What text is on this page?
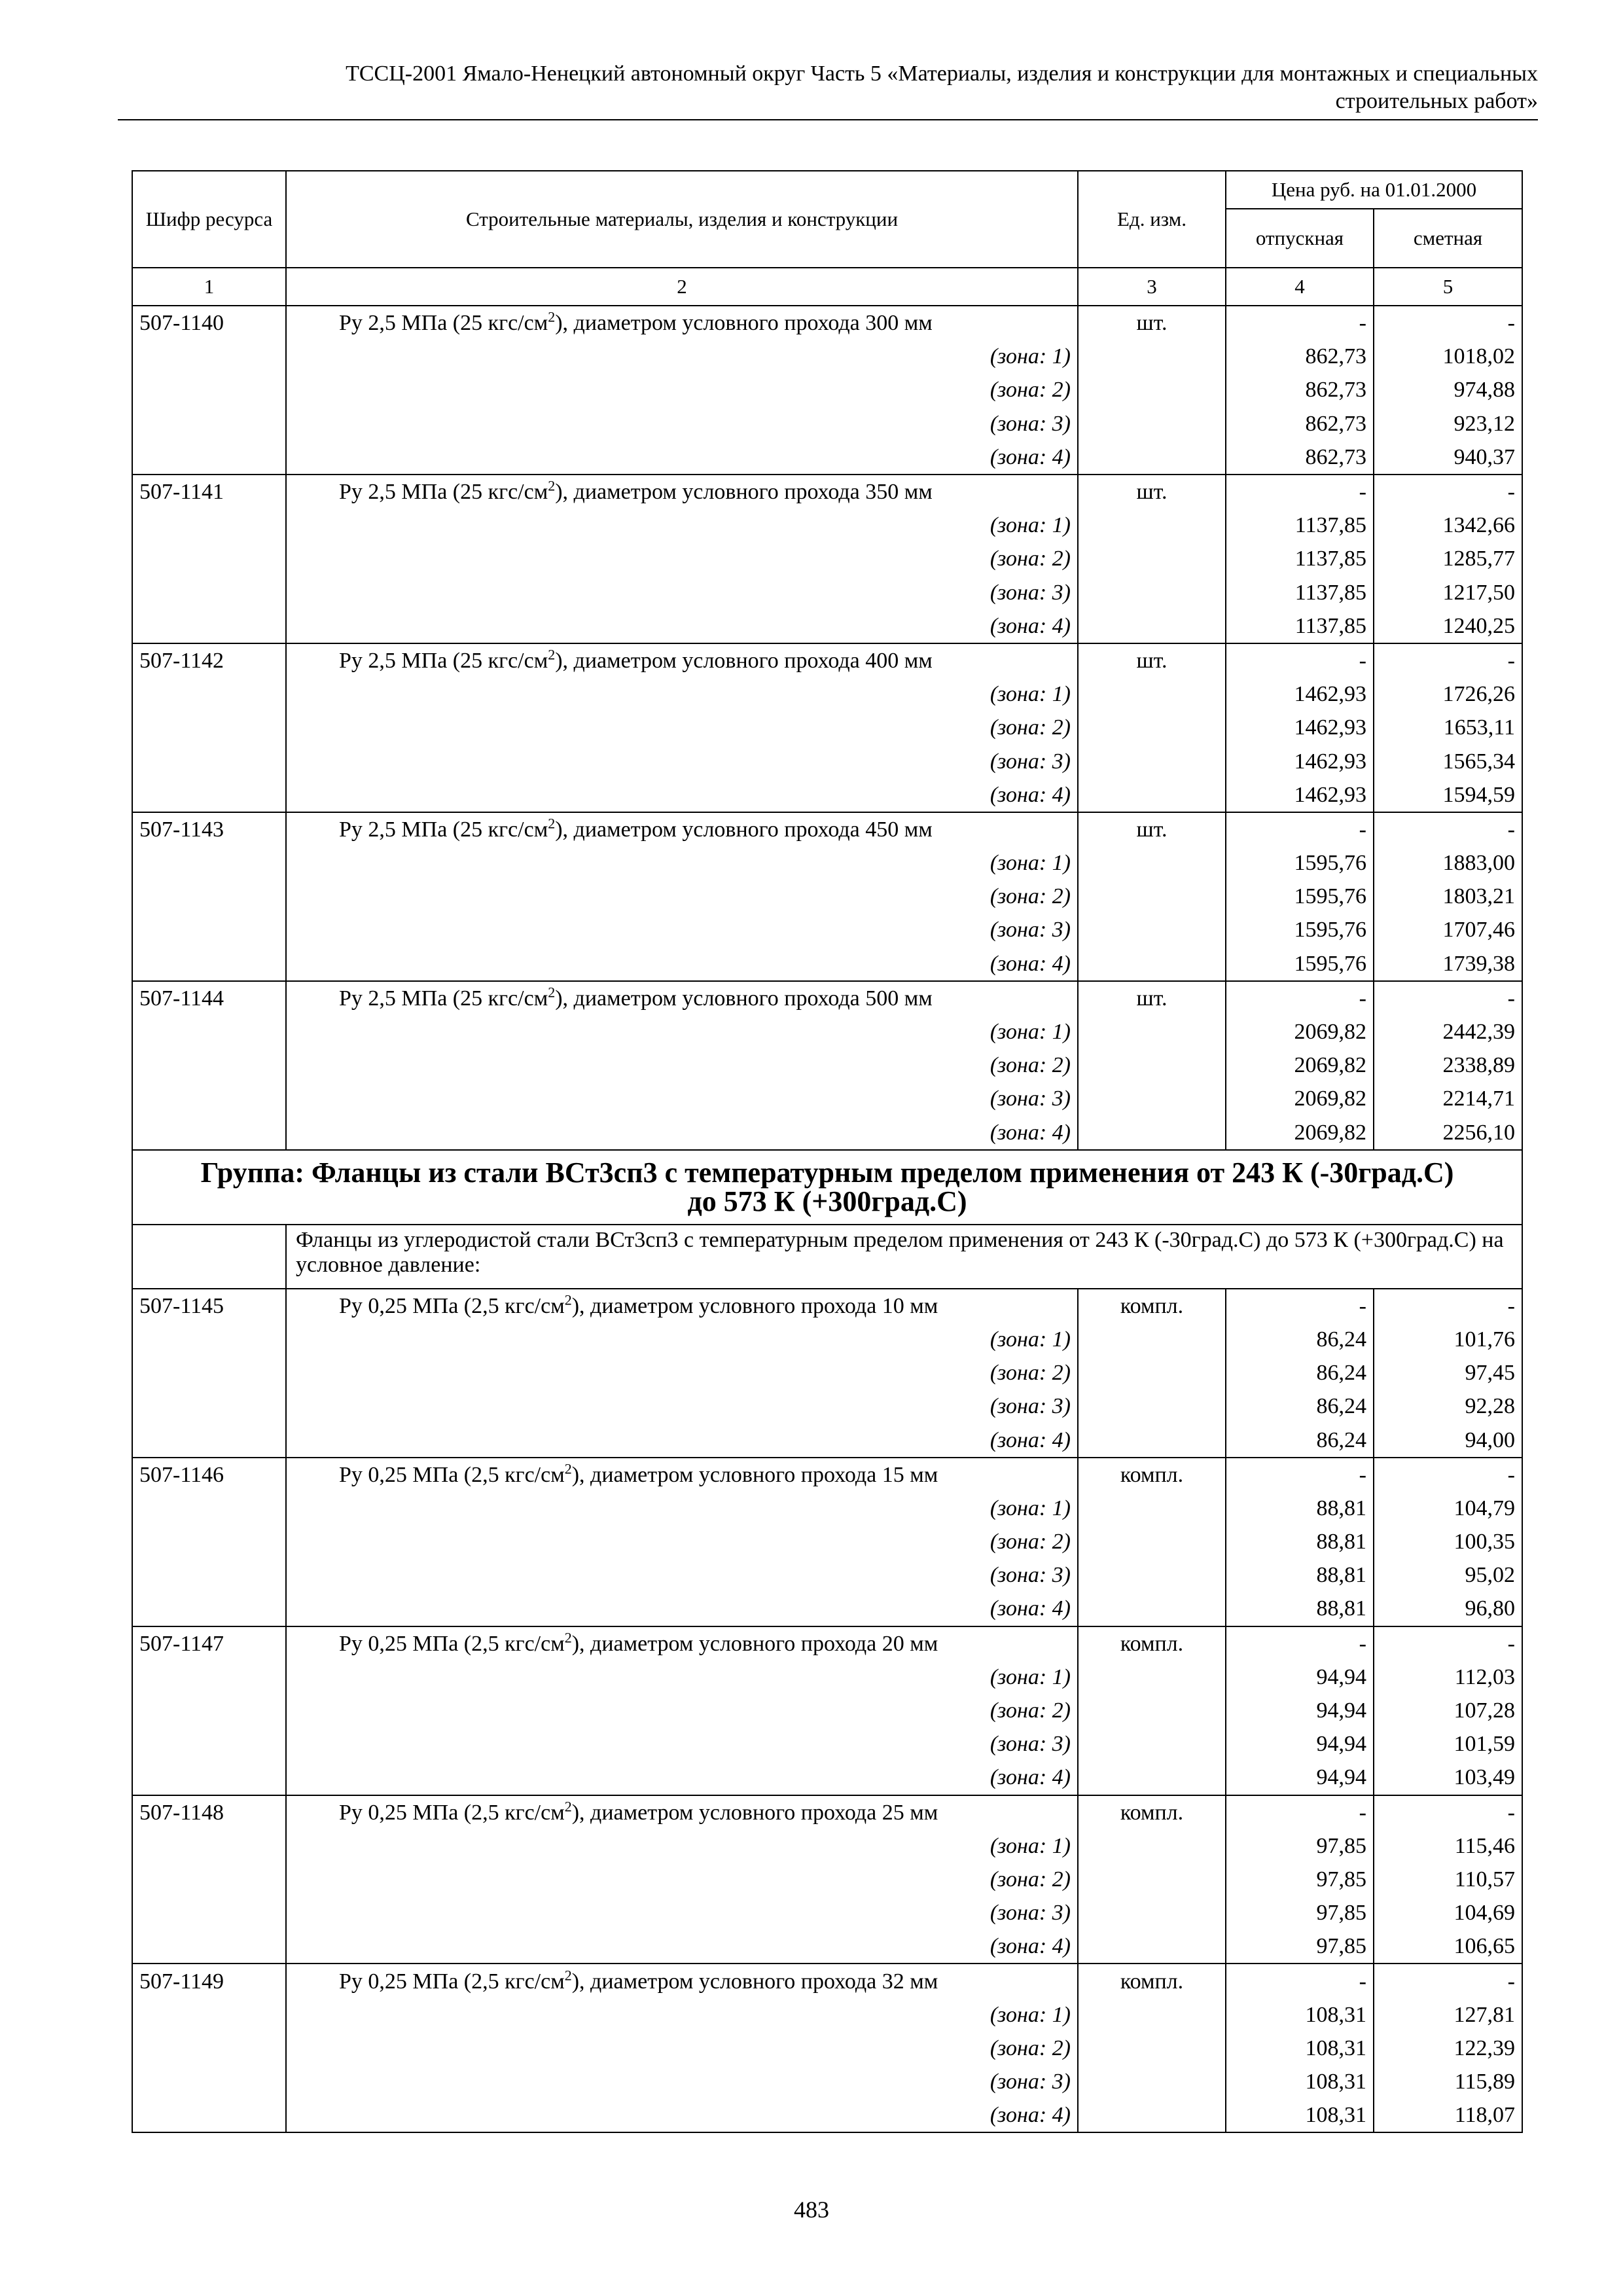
ТССЦ-2001 Ямало-Ненецкий автономный округ Часть 5 «Материалы, изделия и конструкции для монтажных и специальных
строительных работ»
Шифр ресурса	Строительные материалы, изделия и конструкции	Ед. изм.	Цена руб. на 01.01.2000	
			отпускная	сметная
1	2	3	4	5
507-1140	Ру 2,5 МПа (25 кгс/$см^2$), диаметром условного прохода 300 мм	шт.	-	-
	(зона: 1)		862,73	1018,02
	(зона: 2)		862,73	974,88
	(зона: 3)		862,73	923,12
	(зона: 4)		862,73	940,37
507-1141	Ру 2,5 МПа (25 кгс/$см^2$), диаметром условного прохода 350 мм	шт.	-	-
	(зона: 1)		1137,85	1342,66
	(зона: 2)		1137,85	1285,77
	(зона: 3)		1137,85	1217,50
	(зона: 4)		1137,85	1240,25
507-1142	Ру 2,5 МПа (25 кгс/$см^2$), диаметром условного прохода 400 мм	шт.	-	-
	(зона: 1)		1462,93	1726,26
	(зона: 2)		1462,93	1653,11
	(зона: 3)		1462,93	1565,34
	(зона: 4)		1462,93	1594,59
507-1143	Ру 2,5 МПа (25 кгс/$см^2$), диаметром условного прохода 450 мм	шт.	-	-
	(зона: 1)		1595,76	1883,00
	(зона: 2)		1595,76	1803,21
	(зона: 3)		1595,76	1707,46
	(зона: 4)		1595,76	1739,38
507-1144	Ру 2,5 МПа (25 кгс/$см^2$), диаметром условного прохода 500 мм	шт.	-	-
	(зона: 1)		2069,82	2442,39
	(зона: 2)		2069,82	2338,89
	(зона: 3)		2069,82	2214,71
	(зона: 4)		2069,82	2256,10

Группа: Фланцы из стали ВСт3сп3 с температурным пределом применения от 243 К (-30град.С)
до 573 К (+300град.С)				

	Фланцы из углеродистой стали ВСт3сп3 с температурным пределом применения от 243 К (-30град.С) до 573 К (+300град.С) на условное давление:			
507-1145	Ру 0,25 МПа (2,5 кгс/$см^2$), диаметром условного прохода 10 мм	компл.	-	-
	(зона: 1)		86,24	101,76
	(зона: 2)		86,24	97,45
	(зона: 3)		86,24	92,28
	(зона: 4)		86,24	94,00
507-1146	Ру 0,25 МПа (2,5 кгс/$см^2$), диаметром условного прохода 15 мм	компл.	-	-
	(зона: 1)		88,81	104,79
	(зона: 2)		88,81	100,35
	(зона: 3)		88,81	95,02
	(зона: 4)		88,81	96,80
507-1147	Ру 0,25 МПа (2,5 кгс/$см^2$), диаметром условного прохода 20 мм	компл.	-	-
	(зона: 1)		94,94	112,03
	(зона: 2)		94,94	107,28
	(зона: 3)		94,94	101,59
	(зона: 4)		94,94	103,49
507-1148	Ру 0,25 МПа (2,5 кгс/$см^2$), диаметром условного прохода 25 мм	компл.	-	-
	(зона: 1)		97,85	115,46
	(зона: 2)		97,85	110,57
	(зона: 3)		97,85	104,69
	(зона: 4)		97,85	106,65
507-1149	Ру 0,25 МПа (2,5 кгс/$см^2$), диаметром условного прохода 32 мм	компл.	-	-
	(зона: 1)		108,31	127,81
	(зона: 2)		108,31	122,39
	(зона: 3)		108,31	115,89
	(зона: 4)		108,31	118,07
483
